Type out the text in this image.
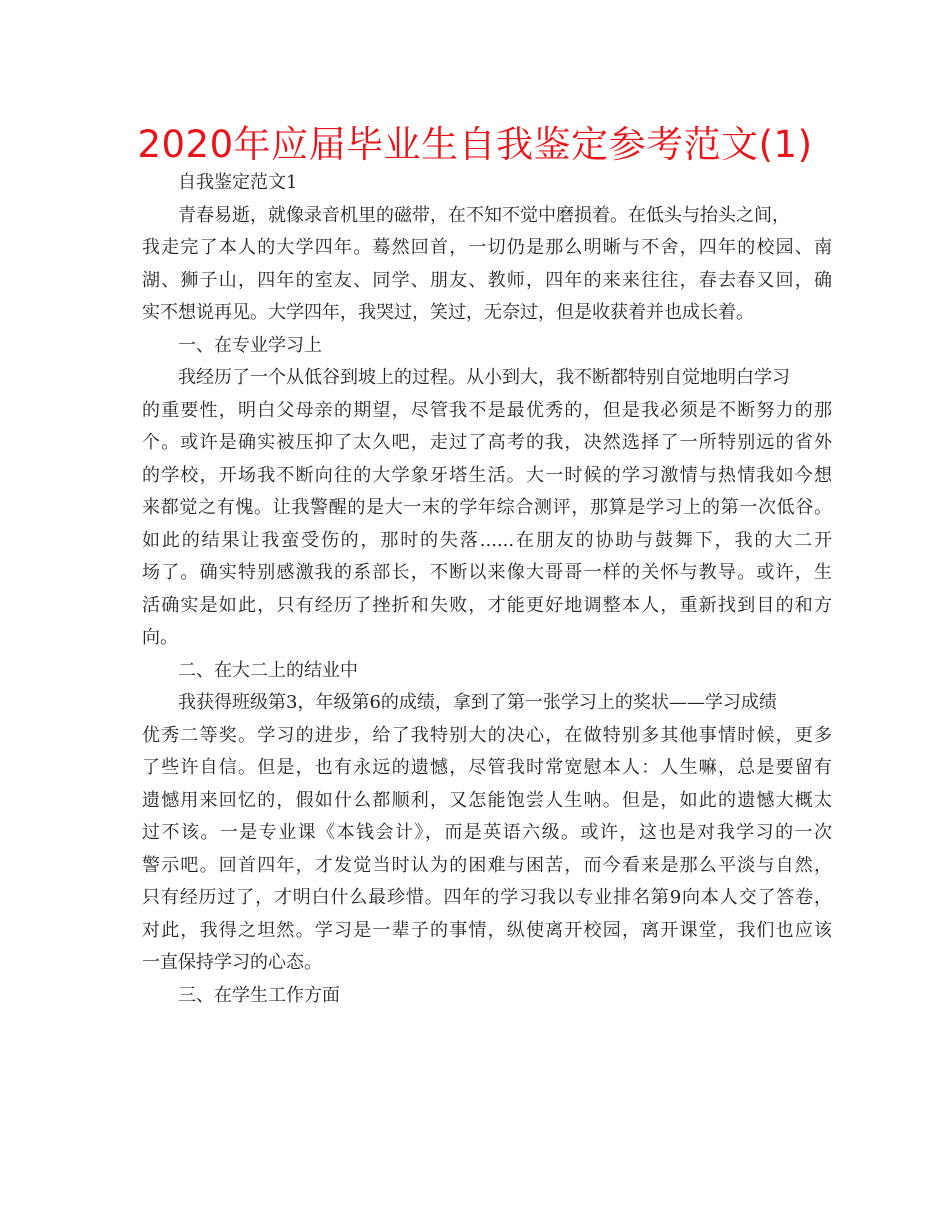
2020年应届毕业生自我鉴定参考范文(1)
自我鉴定范文1
青春易逝，就像录音机里的磁带，在不知不觉中磨损着。在低头与抬头之间，
我走完了本人的大学四年。蓦然回首，一切仍是那么明晰与不舍，四年的校园、南
湖、狮子山，四年的室友、同学、朋友、教师，四年的来来往往，春去春又回，确
实不想说再见。大学四年，我哭过，笑过，无奈过，但是收获着并也成长着。
一、在专业学习上
我经历了一个从低谷到坡上的过程。从小到大，我不断都特别自觉地明白学习
的重要性，明白父母亲的期望，尽管我不是最优秀的，但是我必须是不断努力的那
个。或许是确实被压抑了太久吧，走过了高考的我，决然选择了一所特别远的省外
的学校，开场我不断向往的大学象牙塔生活。大一时候的学习激情与热情我如今想
来都觉之有愧。让我警醒的是大一末的学年综合测评，那算是学习上的第一次低谷。
如此的结果让我蛮受伤的，那时的失落......在朋友的协助与鼓舞下，我的大二开
场了。确实特别感激我的系部长，不断以来像大哥哥一样的关怀与教导。或许，生
活确实是如此，只有经历了挫折和失败，才能更好地调整本人，重新找到目的和方
向。
二、在大二上的结业中
我获得班级第3，年级第6的成绩，拿到了第一张学习上的奖状——学习成绩
优秀二等奖。学习的进步，给了我特别大的决心，在做特别多其他事情时候，更多
了些许自信。但是，也有永远的遗憾，尽管我时常宽慰本人：人生嘛，总是要留有
遗憾用来回忆的，假如什么都顺利，又怎能饱尝人生呐。但是，如此的遗憾大概太
过不该。一是专业课《本钱会计》，而是英语六级。或许，这也是对我学习的一次
警示吧。回首四年，才发觉当时认为的困难与困苦，而今看来是那么平淡与自然，
只有经历过了，才明白什么最珍惜。四年的学习我以专业排名第9向本人交了答卷，
对此，我得之坦然。学习是一辈子的事情，纵使离开校园，离开课堂，我们也应该
一直保持学习的心态。
三、在学生工作方面
